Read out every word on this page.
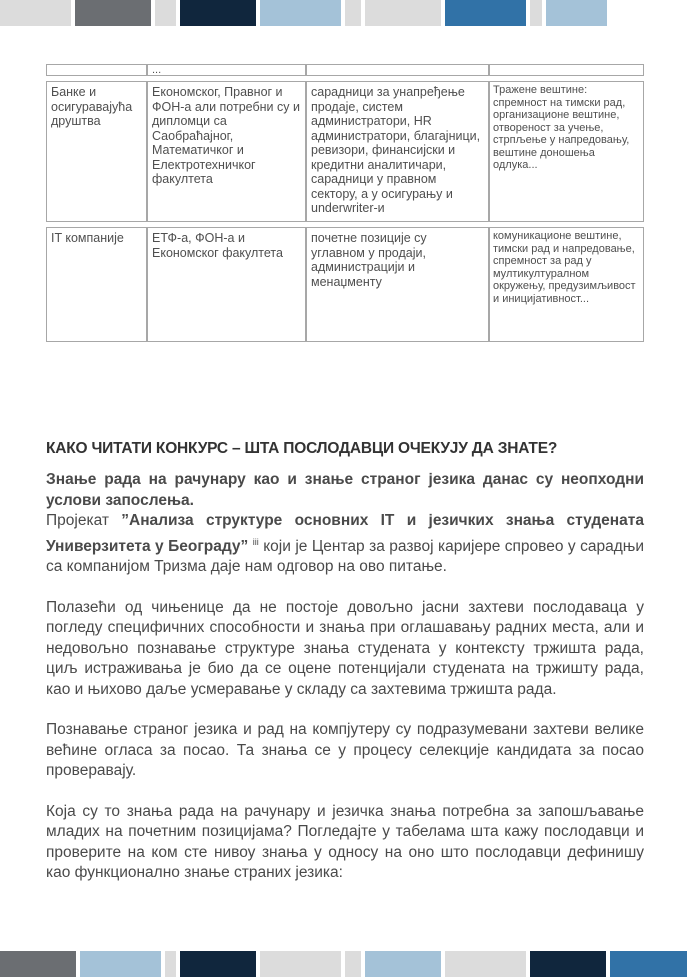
	...		

Банке и осигуравајућа друштва	Економског, Правног и ФОН-а али потребни су и дипломци са Саобраћајног, Математичког и Електротехничког факултета	сарадници за унапређење продаје, систем администратори, HR администратори, благајници, ревизори, финансијски и кредитни аналитичари, сарадници у правном сектору, а у осигурању и underwriter-и	Тражене вештине: спремност на тимски рад, организационе вештине, отвореност за учење, стрпљење у напредовању, вештине доношења одлука...

IT компаније	ЕТФ-а, ФОН-а и Економског факултета	почетне позиције су углавном у продаји, администрацији и менаџменту	комуникационе вештине, тимски рад и напредовање, спремност за рад у мултикултуралном окружењу, предузимљивост и иницијативност...
КАКО ЧИТАТИ КОНКУРС – ШТА ПОСЛОДАВЦИ ОЧЕКУЈУ ДА ЗНАТЕ?
Знање рада на рачунару као и знање страног језика данас су неопходни услови запослења.
Пројекат ”Анализа структуре основних IT и језичких знања студената Универзитета у Београду” $^{iii}$ који је Центар за развој каријере спровео у сарадњи са компанијом Тризма даје нам одговор на ово питање.
Полазећи од чињенице да не постоје довољно јасни захтеви послодаваца у погледу специфичних способности и знања при оглашавању радних места, али и недовољно познавање структуре знања студената у контексту тржишта рада, циљ истраживања је био да се оцене потенцијали студената на тржишту рада, као и њихово даље усмеравање у складу са захтевима тржишта рада.
Познавање страног језика и рад на компјутеру су подразумевани захтеви велике већине огласа за посао. Та знања се у процесу селекције кандидата за посао проверавају.
Која су то знања рада на рачунару и језичка знања потребна за запошљавање младих на почетним позицијама? Погледајте у табелама шта кажу послодавци и проверите на ком сте нивоу знања у односу на оно што послодавци дефинишу као функционално знање страних језика:
